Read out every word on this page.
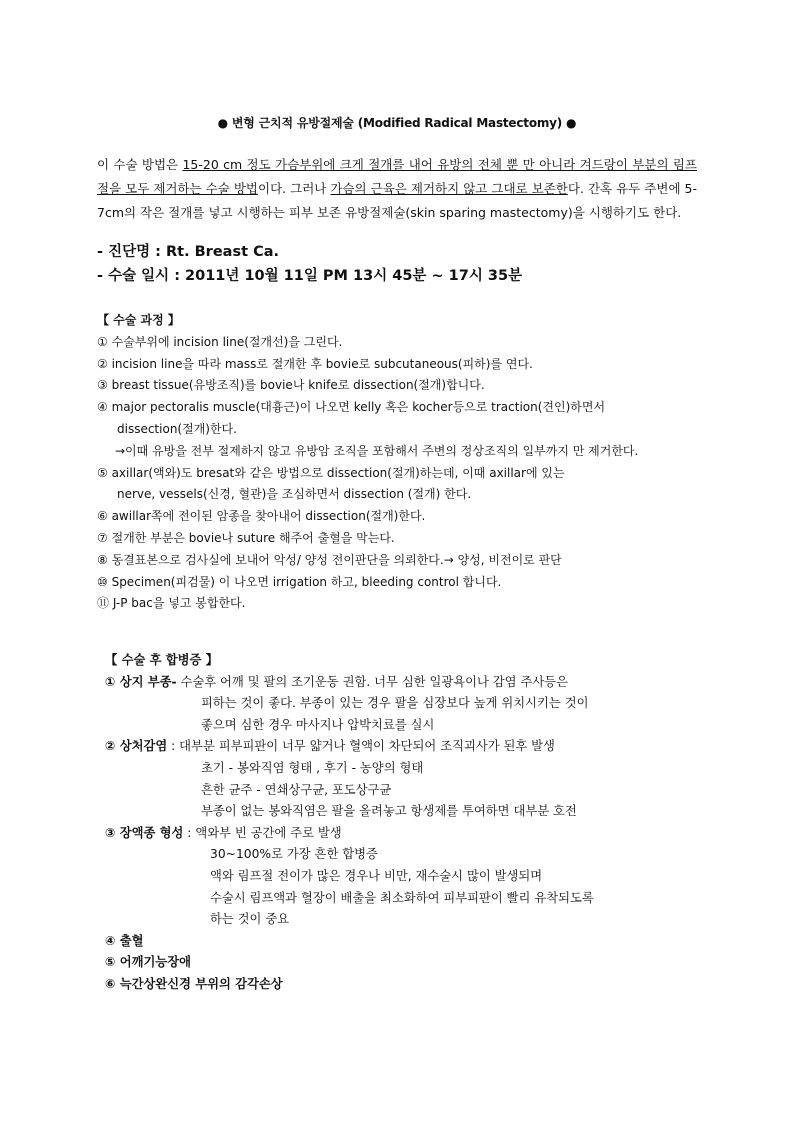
● 변형 근치적 유방절제술 (Modified Radical Mastectomy) ●
이 수술 방법은 15-20 cm 정도 가슴부위에 크게 절개를 내어 유방의 전체 뿐 만 아니라 겨드랑이 부분의 림프절을 모두 제거하는 수술 방법이다. 그러나 가슴의 근육은 제거하지 않고 그대로 보존한다. 간혹 유두 주변에 5-7cm의 작은 절개를 넣고 시행하는 피부 보존 유방절제술(skin sparing mastectomy)을 시행하기도 한다.
- 진단명 : Rt. Breast Ca.
- 수술 일시 : 2011년 10월 11일 PM 13시 45분 ~ 17시 35분
【 수술 과정 】
① 수술부위에 incision line(절개선)을 그린다.
② incision line을 따라 mass로 절개한 후 bovie로 subcutaneous(피하)를 연다.
③ breast tissue(유방조직)를 bovie나 knife로 dissection(절개)합니다.
④ major pectoralis muscle(대흉근)이 나오면 kelly 혹은 kocher등으로 traction(견인)하면서
dissection(절개)한다.
→이때 유방을 전부 절제하지 않고 유방암 조직을 포함해서 주변의 정상조직의 일부까지 만 제거한다.
⑤ axillar(액와)도 bresat와 같은 방법으로 dissection(절개)하는데, 이때 axillar에 있는
nerve, vessels(신경, 혈관)을 조심하면서 dissection (절개) 한다.
⑥ awillar쪽에 전이된 암종을 찾아내어 dissection(절개)한다.
⑦ 절개한 부분은 bovie나 suture 해주어 출혈을 막는다.
⑧ 동결표본으로 검사실에 보내어 악성/ 양성 전이판단을 의뢰한다.→ 양성, 비전이로 판단
⑩ Specimen(피검물) 이 나오면 irrigation 하고, bleeding control 합니다.
⑪ J-P bac을 넣고 봉합한다.
【 수술 후 합병증 】
① 상지 부종- 수술후 어깨 및 팔의 조기운동 권함. 너무 심한 일광욕이나 감염 주사등은
피하는 것이 좋다. 부종이 있는 경우 팔을 심장보다 높게 위치시키는 것이
좋으며 심한 경우 마사지나 압박치료를 실시
② 상처감염 : 대부분 피부피판이 너무 얇거나 혈액이 차단되어 조직괴사가 된후 발생
초기 - 봉와직염 형태 , 후기 - 농양의 형태
흔한 균주 - 연쇄상구균, 포도상구균
부종이 없는 봉와직염은 팔을 올려놓고 항생제를 투여하면 대부분 호전
③ 장액종 형성 : 액와부 빈 공간에 주로 발생
30~100%로 가장 흔한 합병증
액와 림프절 전이가 많은 경우나 비만, 재수술시 많이 발생되며
수술시 림프액과 혈장이 배출을 최소화하여 피부피판이 빨리 유착되도록
하는 것이 중요
④ 출혈
⑤ 어깨기능장애
⑥ 늑간상완신경 부위의 감각손상
